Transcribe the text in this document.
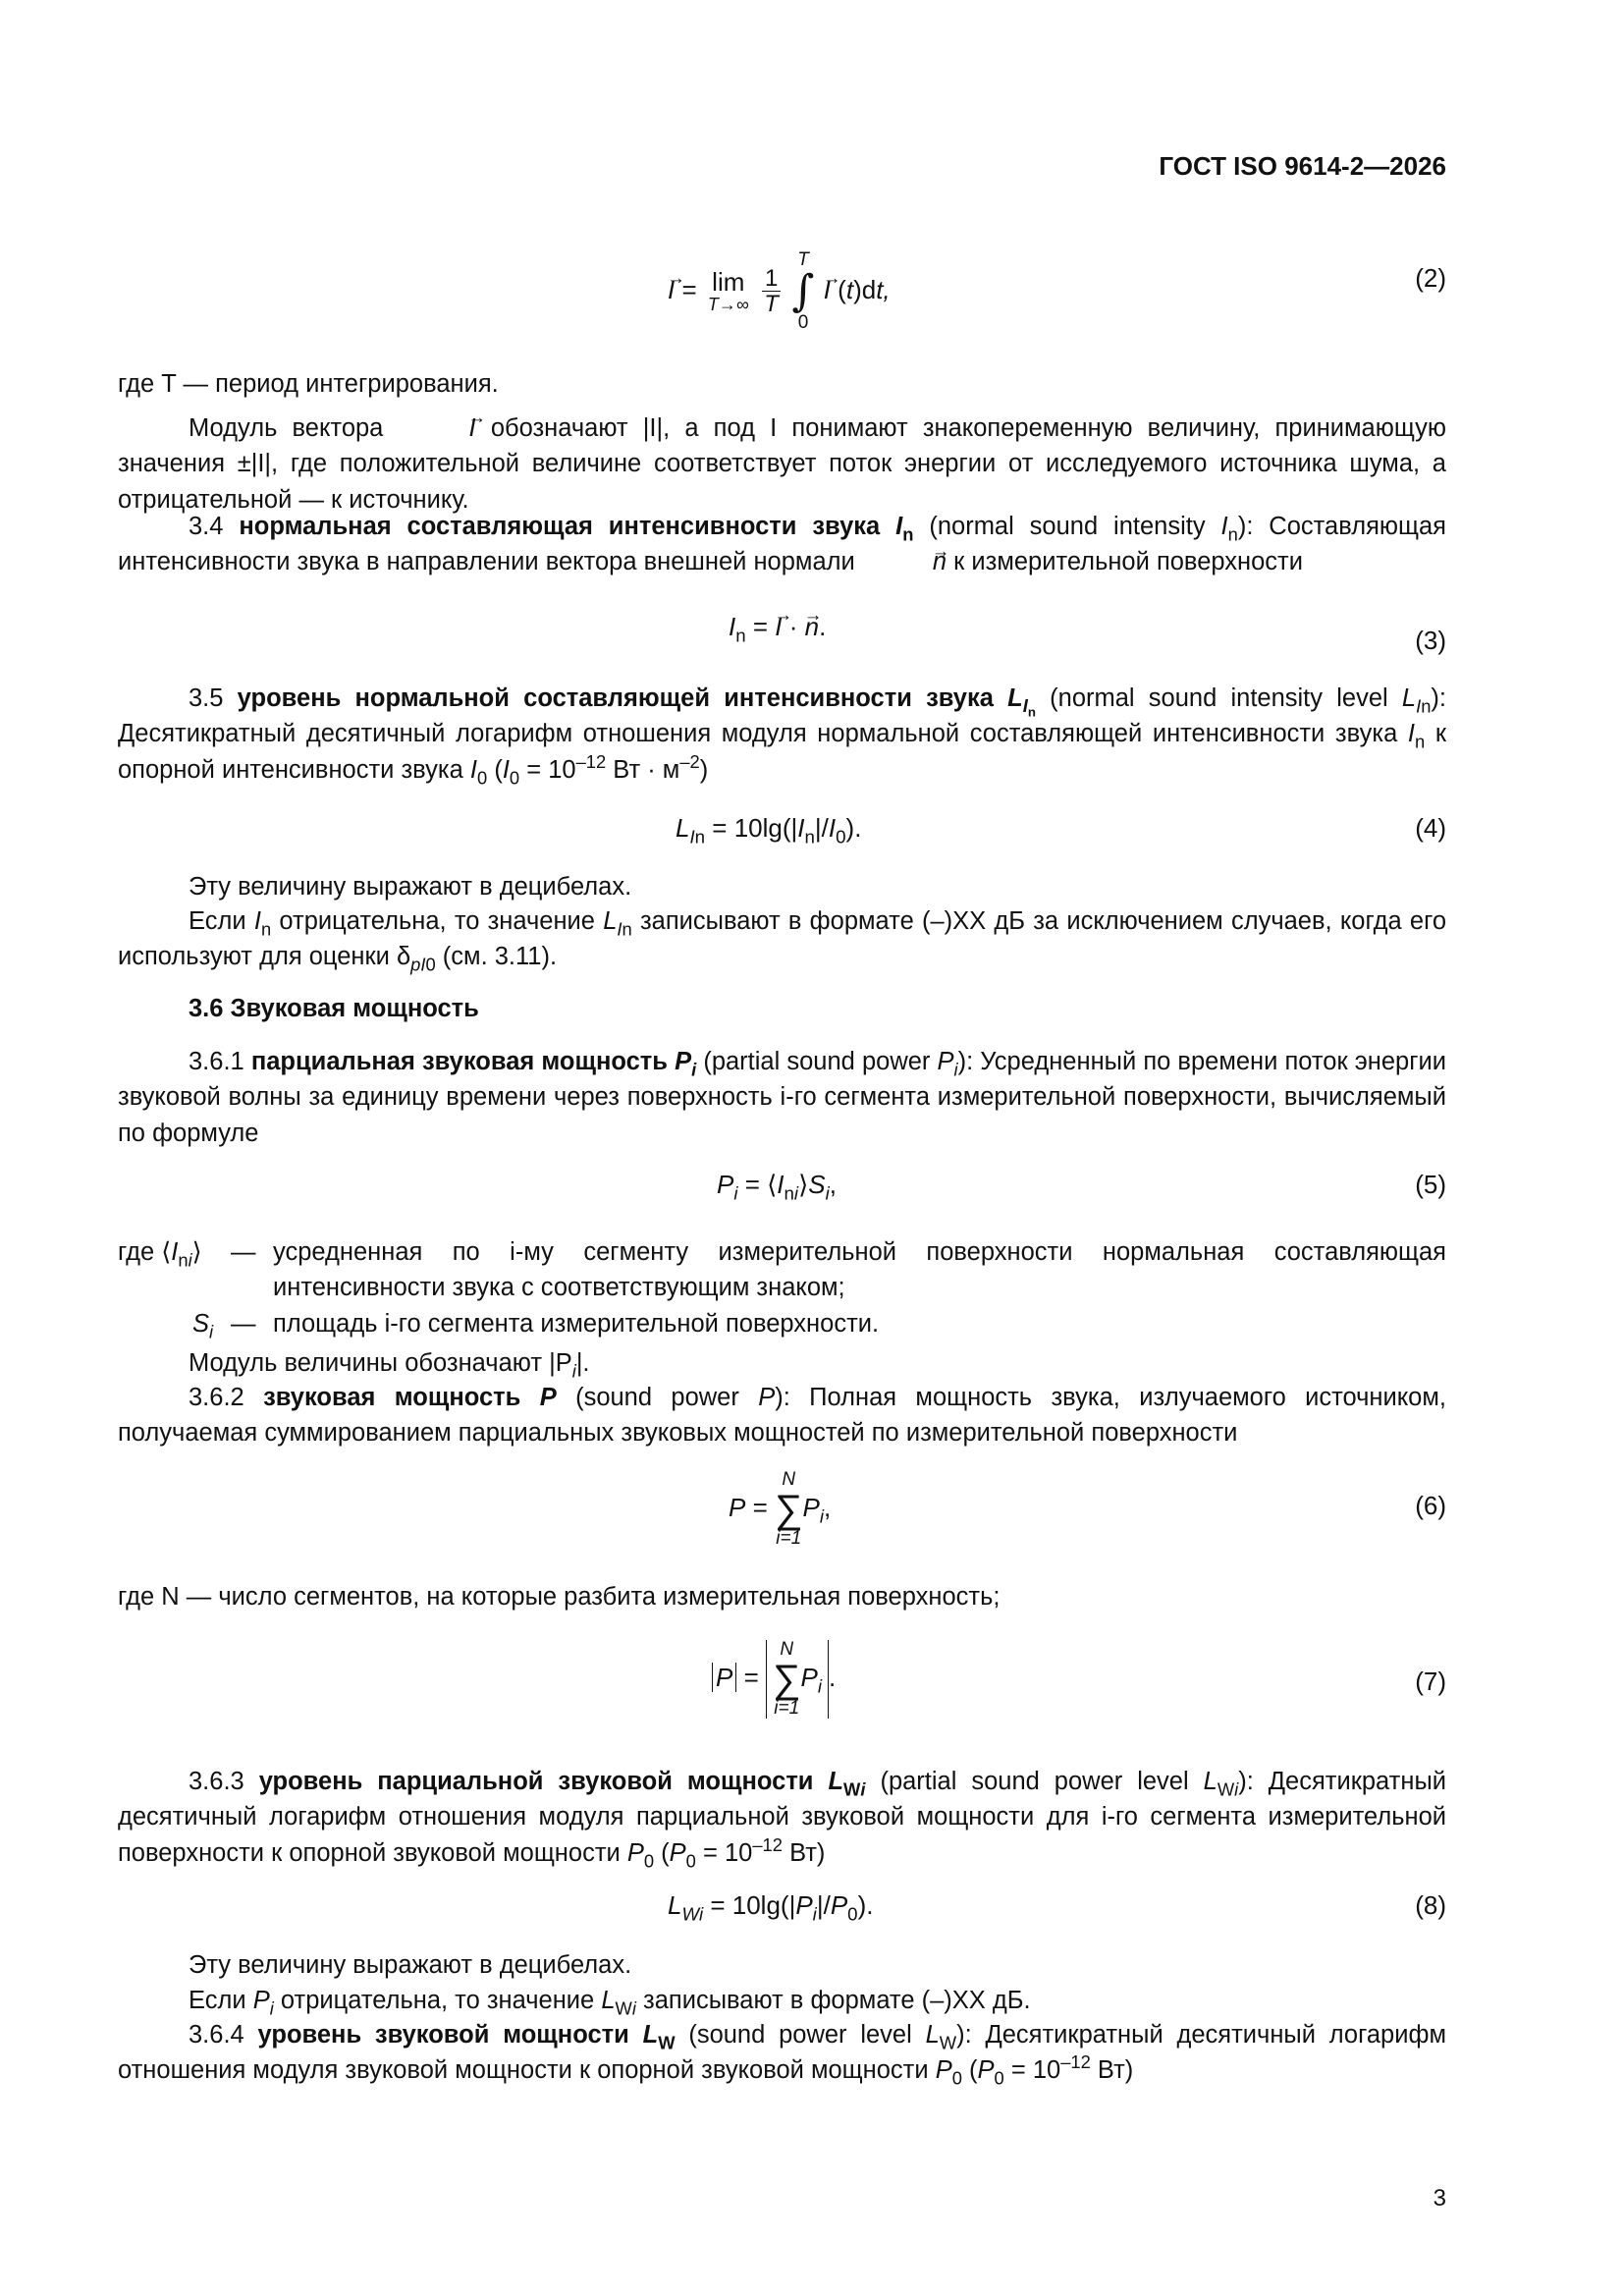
ГОСТ ISO 9614-2—2026
→ I = lim
T→∞
$\frac{1}{T}$

T
∫
0
→ I (t)dt,	(2)

где T — период интегрирования.

Модуль вектора	→ I обозначают |I|, а под I понимают знакопеременную величину, принимающую значения ±|I|, где положительной величине соответствует поток энергии от исследуемого источника шума, а отрицательной — к источнику.

3.4 нормальная составляющая интенсивности звука $I_n$ (normal sound intensity $I_n$): Составляющая интенсивности звука в направлении вектора внешней нормали	→ n к измерительной поверхности

$I_n$ = → I · → n.	(3)

3.5 уровень нормальной составляющей интенсивности звука $L_{I_n}$ (normal sound intensity level $L_{In}$): Десятикратный десятичный логарифм отношения модуля нормальной составляющей интенсивности звука $I_n$ к опорной интенсивности звука $I_0$ ($I_0 = 10^{-12}$ Вт · $м^{-2}$)

$L_{In} = 10\lg(|I_n|/I_0)$.	(4)

Эту величину выражают в децибелах.

Если $I_n$ отрицательна, то значение $L_{In}$ записывают в формате (–)ХХ дБ за исключением случаев, когда его используют для оценки $\delta_{pI0}$ (см. 3.11).

3.6 Звуковая мощность

3.6.1 парциальная звуковая мощность $P_i$ (partial sound power $P_i$): Усредненный по времени поток энергии звуковой волны за единицу времени через поверхность i-го сегмента измерительной поверхности, вычисляемый по формуле

$P_i$ = $⟨I_{ni}⟩S_i$,	(5)

где $⟨I_{ni}⟩$ — усредненная по i-му сегменту измерительной поверхности нормальная составляющая интенсивности звука с соответствующим знаком;

$S_i$ — площадь i-го сегмента измерительной поверхности.

Модуль величины обозначают $|P_i|$.

3.6.2 звуковая мощность P (sound power P): Полная мощность звука, излучаемого источником, получаемая суммированием парциальных звуковых мощностей по измерительной поверхности

P =
N
∑
i=1
$P_i$,	(6)

где N — число сегментов, на которые разбита измерительная поверхность;

P =
N
∑
i=1
$P_i$ .	(7)

3.6.3 уровень парциальной звуковой мощности $L_{Wi}$ (partial sound power level $L_{Wi}$): Десятикратный десятичный логарифм отношения модуля парциальной звуковой мощности для i-го сегмента измерительной поверхности к опорной звуковой мощности $P_0$ ($P_0 = 10^{-12}$ Вт)

$L_{Wi} = 10\lg(|P_i|/P_0)$.	(8)

Эту величину выражают в децибелах.

Если $P_i$ отрицательна, то значение $L_{Wi}$ записывают в формате (–)ХХ дБ.

3.6.4 уровень звуковой мощности $L_W$ (sound power level $L_W$): Десятикратный десятичный логарифм отношения модуля звуковой мощности к опорной звуковой мощности $P_0$ ($P_0 = 10^{-12}$ Вт)

3
